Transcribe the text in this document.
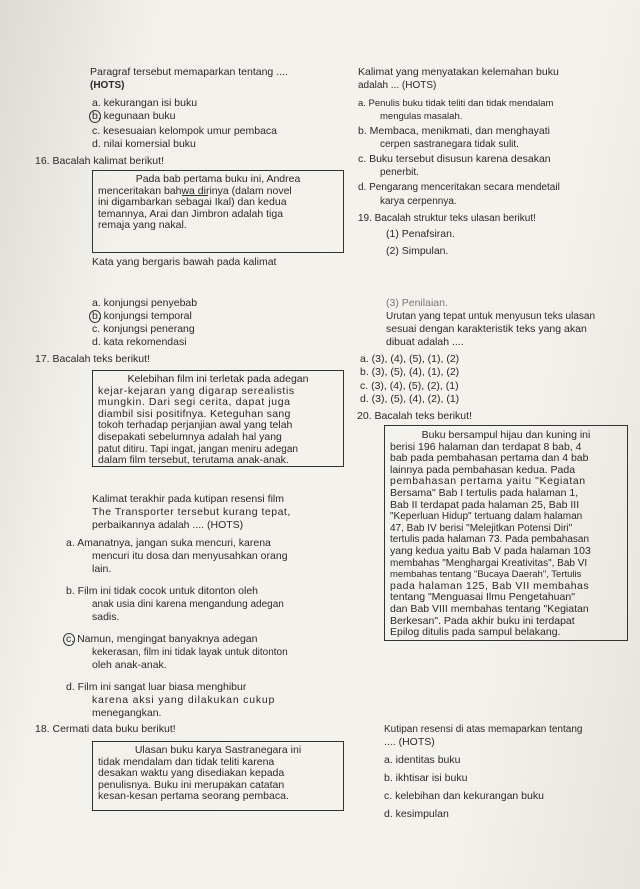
Paragraf tersebut memaparkan tentang ....
(HOTS)
a. kekurangan isi buku
b. kegunaan buku
c. kesesuaian kelompok umur pembaca
d. nilai komersial buku
16. Bacalah kalimat berikut!
Pada bab pertama buku ini, Andrea
menceritakan bahwa dirinya (dalam novel
ini digambarkan sebagai Ikal) dan kedua
temannya, Arai dan Jimbron adalah tiga
remaja yang nakal.
Kata yang bergaris bawah pada kalimat
a. konjungsi penyebab
b. konjungsi temporal
c. konjungsi penerang
d. kata rekomendasi
17. Bacalah teks berikut!
Kelebihan film ini terletak pada adegan
kejar-kejaran yang digarap serealistis
mungkin. Dari segi cerita, dapat juga
diambil sisi positifnya. Keteguhan sang
tokoh terhadap perjanjian awal yang telah
disepakati sebelumnya adalah hal yang
patut ditiru. Tapi ingat, jangan meniru adegan
dalam film tersebut, terutama anak-anak.
Kalimat terakhir pada kutipan resensi film
The Transporter tersebut kurang tepat,
perbaikannya adalah .... (HOTS)
a. Amanatnya, jangan suka mencuri, karena
mencuri itu dosa dan menyusahkan orang
lain.
b. Film ini tidak cocok untuk ditonton oleh
anak usia dini karena mengandung adegan
sadis.
c. Namun, mengingat banyaknya adegan
kekerasan, film ini tidak layak untuk ditonton
oleh anak-anak.
d. Film ini sangat luar biasa menghibur
karena aksi yang dilakukan cukup
menegangkan.
18. Cermati data buku berikut!
Ulasan buku karya Sastranegara ini
tidak mendalam dan tidak teliti karena
desakan waktu yang disediakan kepada
penulisnya. Buku ini merupakan catatan
kesan-kesan pertama seorang pembaca.
Kalimat yang menyatakan kelemahan buku
adalah ... (HOTS)
a. Penulis buku tidak teliti dan tidak mendalam
mengulas masalah.
b. Membaca, menikmati, dan menghayati
cerpen sastranegara tidak sulit.
c. Buku tersebut disusun karena desakan
penerbit.
d. Pengarang menceritakan secara mendetail
karya cerpennya.
19. Bacalah struktur teks ulasan berikut!
(1) Penafsiran.
(2) Simpulan.
(3) Penilaian.
Urutan yang tepat untuk menyusun teks ulasan
sesuai dengan karakteristik teks yang akan
dibuat adalah ....
a. (3), (4), (5), (1), (2)
b. (3), (5), (4), (1), (2)
c. (3), (4), (5), (2), (1)
d. (3), (5), (4), (2), (1)
20. Bacalah teks berikut!
Buku bersampul hijau dan kuning ini
berisi 196 halaman dan terdapat 8 bab, 4
bab pada pembahasan pertama dan 4 bab
lainnya pada pembahasan kedua. Pada
pembahasan pertama yaitu "Kegiatan
Bersama" Bab I tertulis pada halaman 1,
Bab II terdapat pada halaman 25, Bab III
"Keperluan Hidup" tertuang dalam halaman
47, Bab IV berisi "Melejitkan Potensi Diri"
tertulis pada halaman 73. Pada pembahasan
yang kedua yaitu Bab V pada halaman 103
membahas "Menghargai Kreativitas", Bab VI
membahas tentang "Bucaya Daerah", Tertulis
pada halaman 125, Bab VII membahas
tentang "Menguasai Ilmu Pengetahuan"
dan Bab VIII membahas tentang "Kegiatan
Berkesan". Pada akhir buku ini terdapat
Epilog ditulis pada sampul belakang.
Kutipan resensi di atas memaparkan tentang
.... (HOTS)
a. identitas buku
b. ikhtisar isi buku
c. kelebihan dan kekurangan buku
d. kesimpulan
